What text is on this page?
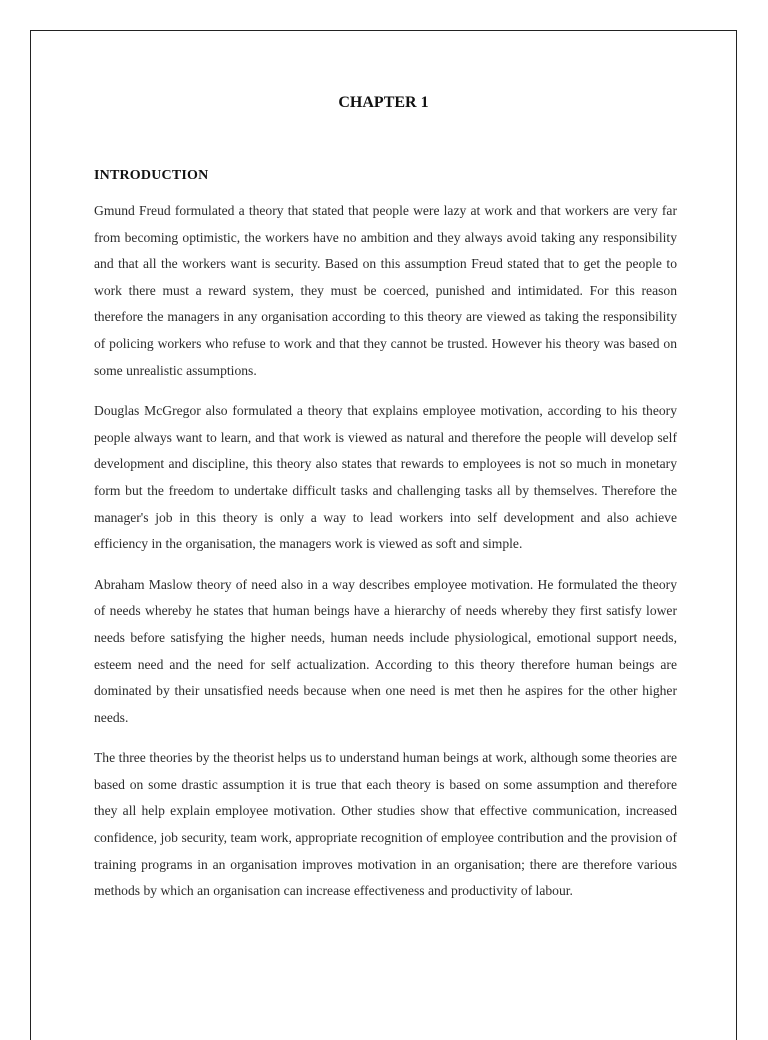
CHAPTER 1
INTRODUCTION

Gmund Freud formulated a theory that stated that people were lazy at work and that workers are very far from becoming optimistic, the workers have no ambition and they always avoid taking any responsibility and that all the workers want is security. Based on this assumption Freud stated that to get the people to work there must a reward system, they must be coerced, punished and intimidated. For this reason therefore the managers in any organisation according to this theory are viewed as taking the responsibility of policing workers who refuse to work and that they cannot be trusted. However his theory was based on some unrealistic assumptions.

Douglas McGregor also formulated a theory that explains employee motivation, according to his theory people always want to learn, and that work is viewed as natural and therefore the people will develop self development and discipline, this theory also states that rewards to employees is not so much in monetary form but the freedom to undertake difficult tasks and challenging tasks all by themselves. Therefore the manager's job in this theory is only a way to lead workers into self development and also achieve efficiency in the organisation, the managers work is viewed as soft and simple.

Abraham Maslow theory of need also in a way describes employee motivation. He formulated the theory of needs whereby he states that human beings have a hierarchy of needs whereby they first satisfy lower needs before satisfying the higher needs, human needs include physiological, emotional support needs, esteem need and the need for self actualization. According to this theory therefore human beings are dominated by their unsatisfied needs because when one need is met then he aspires for the other higher needs.

The three theories by the theorist helps us to understand human beings at work, although some theories are based on some drastic assumption it is true that each theory is based on some assumption and therefore they all help explain employee motivation. Other studies show that effective communication, increased confidence, job security, team work, appropriate recognition of employee contribution and the provision of training programs in an organisation improves motivation in an organisation; there are therefore various methods by which an organisation can increase effectiveness and productivity of labour.
